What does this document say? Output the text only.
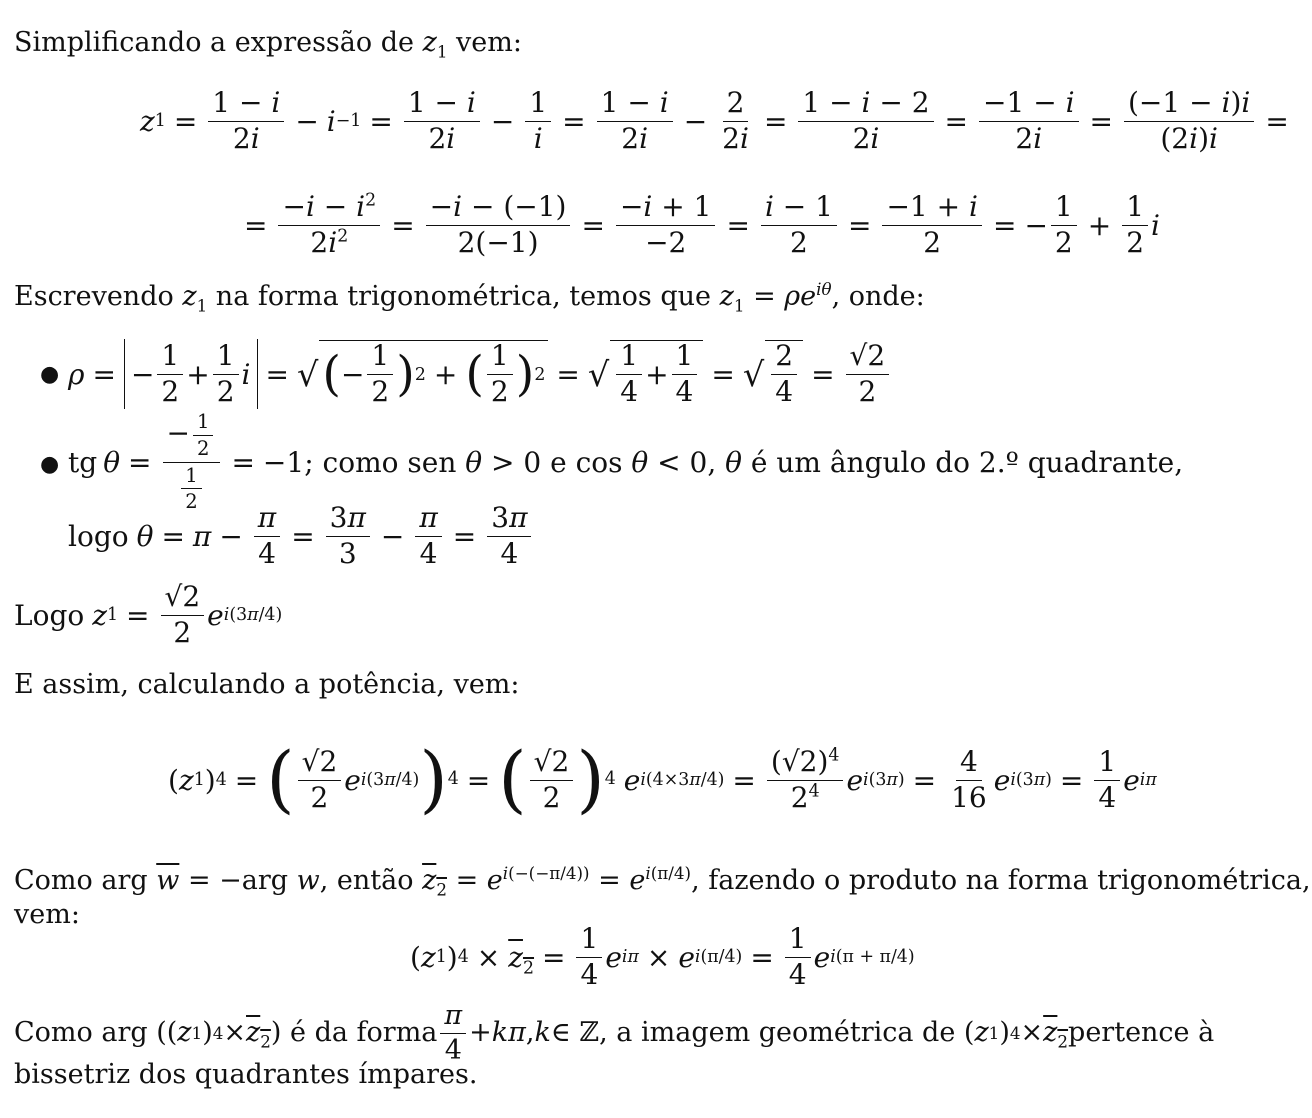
Simplificando a expressão de $z_1$ vem:
z $1 = \frac{1 - i}{2i} - i -1 = \frac{1 - i}{2i} - \frac{1}{i} = \frac{1 - i}{2i} - \frac{2}{2i} = \frac{1 - i - 2}{2i} = \frac{-1 - i}{2i} = \frac{(-1 - i)i}{(2i)i}$ =
= $\frac{-i - i^2}{2i^2} = \frac{-i - (-1)}{2(-1)} = \frac{-i + 1}{-2} = \frac{i - 1}{2} = \frac{-1 + i}{2}$ = − $\frac{1}{2} + \frac{1}{2}$ i
Escrevendo $z_1$ na forma trigonométrica, temos que $z_1 = \rho e^{i\theta}$, onde:
● ρ = − $\frac{1}{2} + \frac{1}{2}$ i = √ ( − $\frac{1}{2}$ ) 2 + ( $\frac{1}{2}$ ) 2 = √ $\frac{1}{4} + \frac{1}{4}$ = √ $\frac{2}{4} = \frac{√2}{2}$
● tg $\theta = \frac{- \frac{1}{2}}{\frac{1}{2}} = -1$; como sen θ > 0 e cos θ < 0, θ é um ângulo do 2.º quadrante,
logo $\theta = \pi - \frac{\pi}{4} = \frac{3\pi}{3} - \frac{\pi}{4} = \frac{3\pi}{4}$
Logo z $1 = \frac{√2}{2}$ e i(3π/4)
E assim, calculando a potência, vem:
( z 1 ) 4 = ( $\frac{√2}{2}$ e i(3π/4) ) 4 = ( $\frac{√2}{2}$ ) 4 e $i(4\times 3\pi/4) = \frac{(√2)^4}{2^4}$ e $i(3\pi) = \frac{4}{16}$ e $i(3\pi) = \frac{1}{4}$ e iπ
Como arg $\overline{w} = -arg$ w, então $z_2 = e^{i(-(-\pi/4))} = e^{i(\pi/4)}$, fazendo o produto na forma trigonométrica,
vem:
( z 1 ) $4 \times z_2 = \frac{1}{4}$ e iπ × e $i(\pi/4) = \frac{1}{4}$ e i(π + π/4)
Como arg (( z 1 ) $4 \times z_2$ ) é da forma $\frac{\pi}{4} + k\pi$ , k ∈ ℤ, a imagem geométrica de ( z 1 ) $4 \times z_2$ pertence à
bissetriz dos quadrantes ímpares.
